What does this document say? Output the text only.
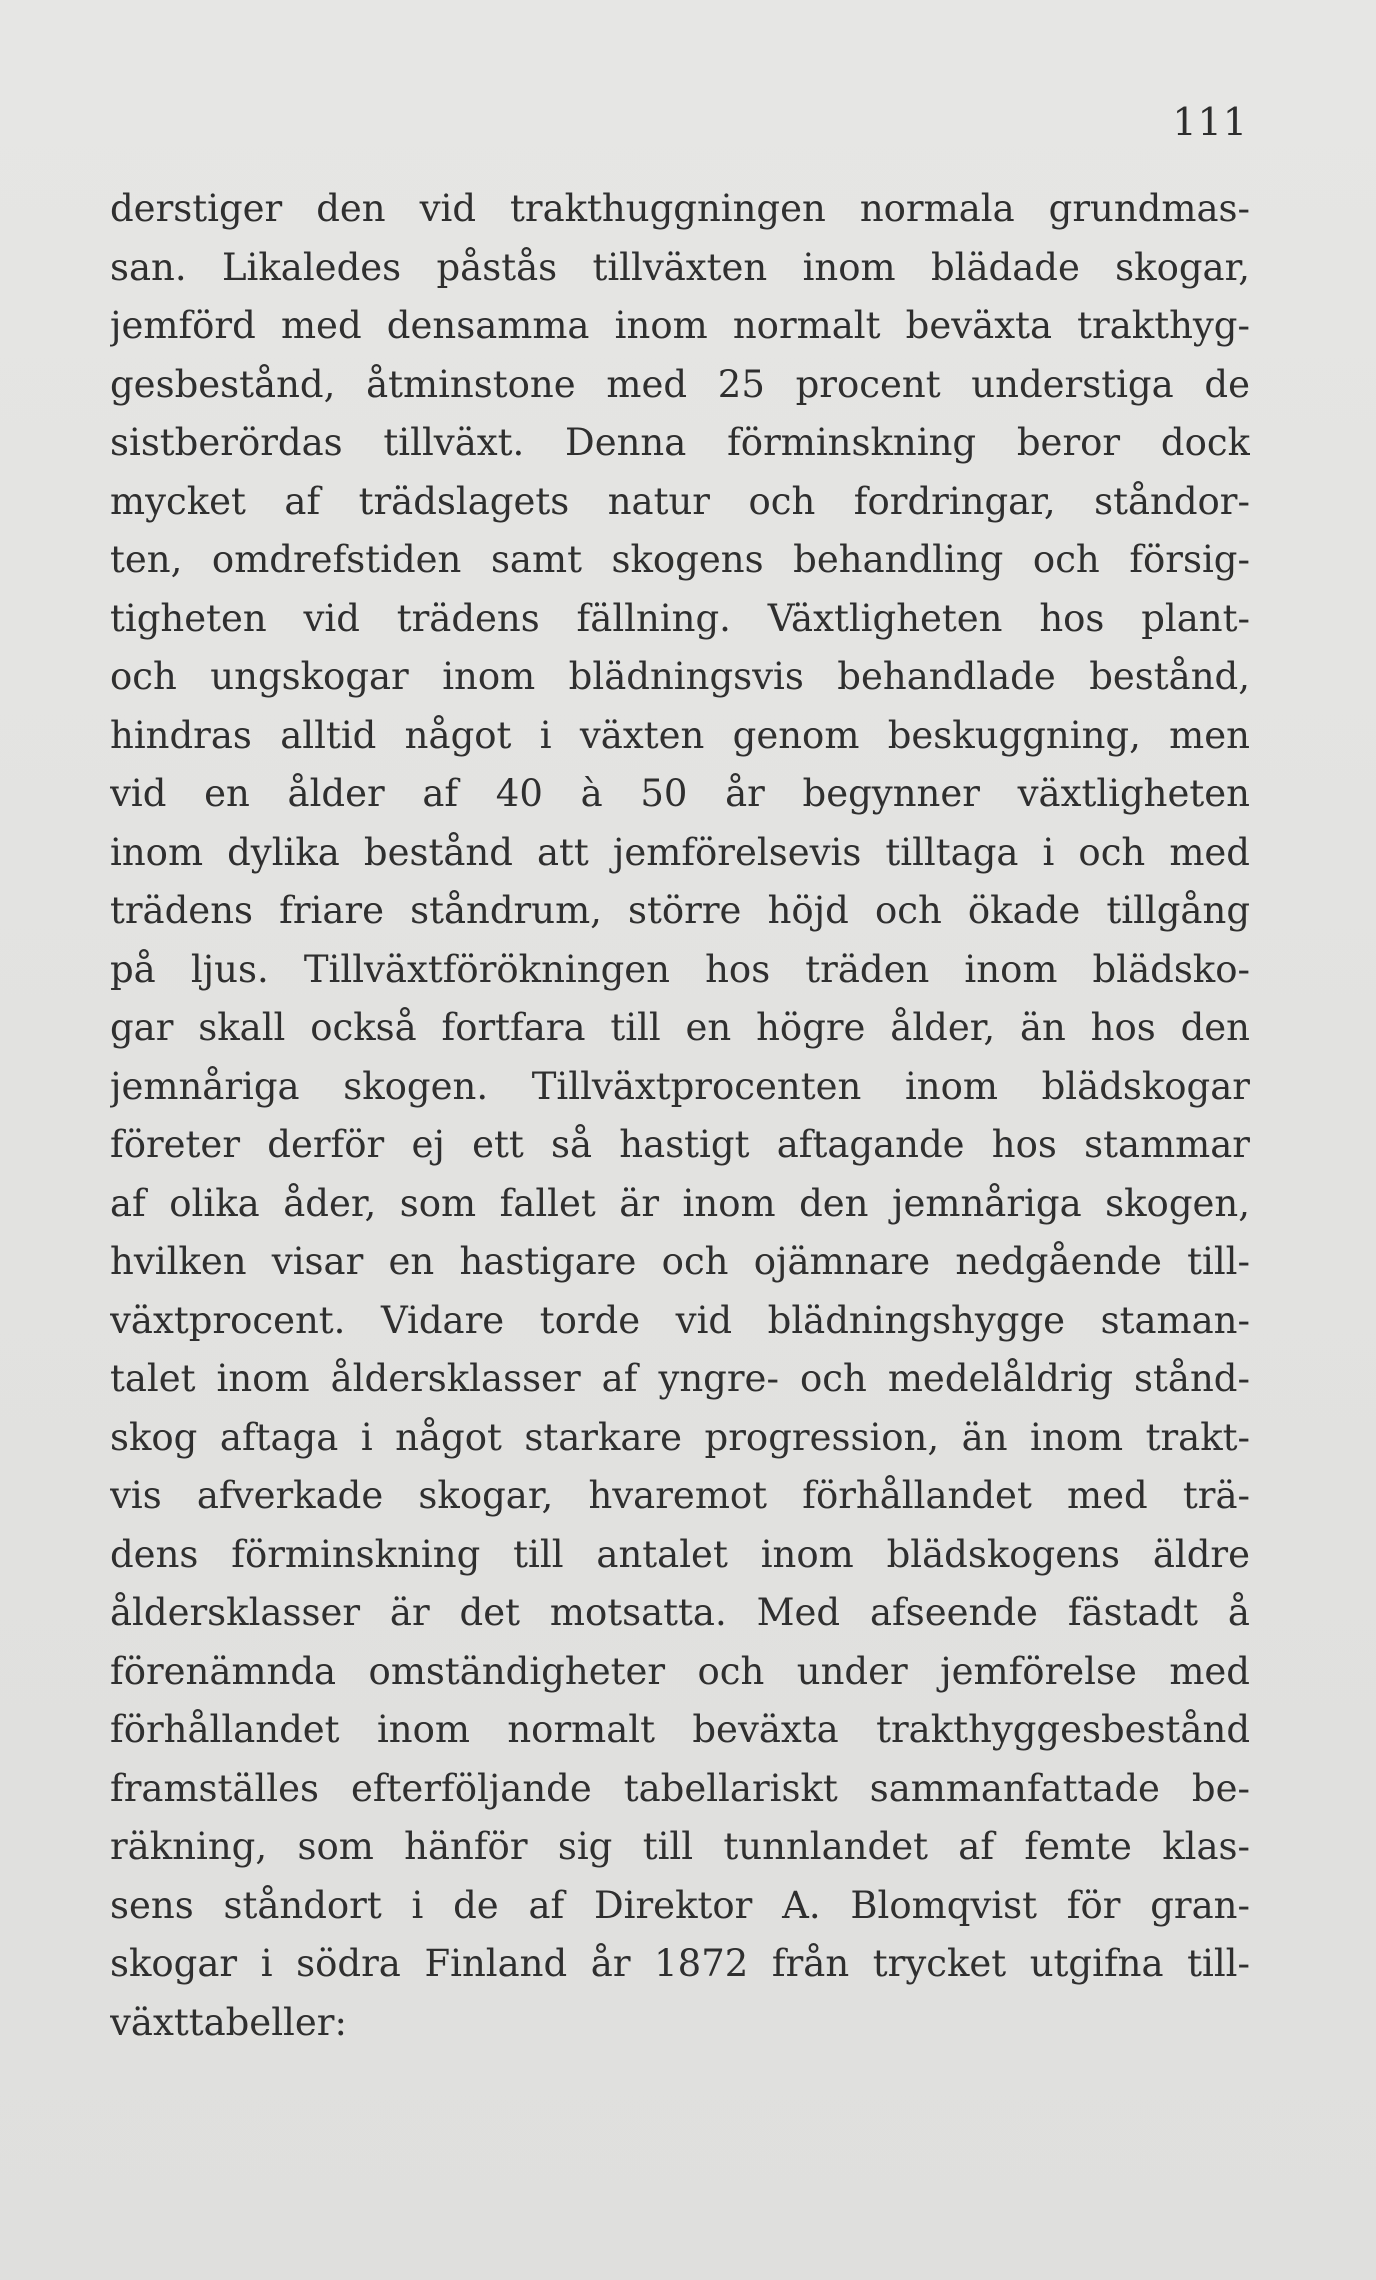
111
derstiger den vid trakthuggningen normala grundmas-
san. Likaledes påstås tillväxten inom blädade skogar,
jemförd med densamma inom normalt beväxta trakthyg-
gesbestånd, åtminstone med 25 procent understiga de
sistberördas tillväxt. Denna förminskning beror dock
mycket af trädslagets natur och fordringar, ståndor-
ten, omdrefstiden samt skogens behandling och försig-
tigheten vid trädens fällning. Växtligheten hos plant-
och ungskogar inom blädningsvis behandlade bestånd,
hindras alltid något i växten genom beskuggning, men
vid en ålder af 40 à 50 år begynner växtligheten
inom dylika bestånd att jemförelsevis tilltaga i och med
trädens friare ståndrum, större höjd och ökade tillgång
på ljus. Tillväxtförökningen hos träden inom blädsko-
gar skall också fortfara till en högre ålder, än hos den
jemnåriga skogen. Tillväxtprocenten inom blädskogar
företer derför ej ett så hastigt aftagande hos stammar
af olika åder, som fallet är inom den jemnåriga skogen,
hvilken visar en hastigare och ojämnare nedgående till-
växtprocent. Vidare torde vid blädningshygge staman-
talet inom åldersklasser af yngre- och medelåldrig stånd-
skog aftaga i något starkare progression, än inom trakt-
vis afverkade skogar, hvaremot förhållandet med trä-
dens förminskning till antalet inom blädskogens äldre
åldersklasser är det motsatta. Med afseende fästadt å
förenämnda omständigheter och under jemförelse med
förhållandet inom normalt beväxta trakthyggesbestånd
framställes efterföljande tabellariskt sammanfattade be-
räkning, som hänför sig till tunnlandet af femte klas-
sens ståndort i de af Direktor A. Blomqvist för gran-
skogar i södra Finland år 1872 från trycket utgifna till-
växttabeller:
